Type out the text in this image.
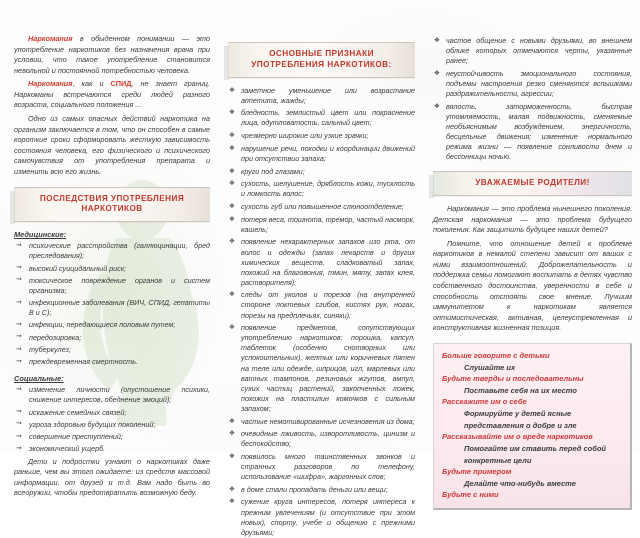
Наркомания в обыденном понимании — это употребление наркотиков без назначения врача при условии, что такое употребление становится невольной и постоянной потребностью человека.

Наркомания, как и СПИД, не знает границ. Наркоманы встречаются среди людей разного возраста, социального положения ...

Одно из самых опасных действий наркотика на организм заключается в том, что он способен в самые короткие сроки сформировать жесткую зависимость состояния человека, его физического и психического самочувствия от употребления препарата и изменить всю его жизнь.

ПОСЛЕДСТВИЯ УПОТРЕБЛЕНИЯ НАРКОТИКОВ
Медицинские:
➞ психические расстройства (галлюцинации, бред преследования);
➞ высокий суицидальный риск;
➞ токсическое повреждение органов и систем организма;
➞ инфекционные заболевания (ВИЧ, СПИД, гепатиты В и С);
➞ инфекции, передающиеся половым путем;
➞ передозировка;
➞ туберкулез;
➞ преждевременная смертность.
Социальные:
➞ изменение личности (опустошение психики, снижение интересов, обеднение эмоций);
➞ искажение семейных связей;
➞ угроза здоровью будущих поколений;
➞ совершение преступлений;
➞ экономический ущерб.

Дети и подростки узнают о наркотиках даже раньше, чем вы этого ожидаете: из средств массовой информации, от друзей и т.д. Вам надо быть во всеоружии, чтобы предотвратить возможную беду.

ОСНОВНЫЕ ПРИЗНАКИ УПОТРЕБЛЕНИЯ НАРКОТИКОВ:
❖ заметное уменьшение или возрастание аппетита, жажды;
❖ бледность, землистый цвет или покраснение лица, одутловатость, сальный цвет;
❖ чрезмерно широкие или узкие зрачки;
❖ нарушение речи, походки и координации движений при отсутствии запаха;
❖ круги под глазами;
❖ сухость, шелушение, дряблость кожи, тусклость и ломкость волос;
❖ сухость губ или повышенное слюноотделение;
❖ потеря веса, тошнота, тремор, частый насморк, кашель;
❖ появление нехарактерных запахов изо рта, от волос и одежды (запах лекарств и других химических веществ, сладковатый запах, похожий на благовония, тмин, мяту, запах клея, растворителя);
❖ следы от уколов и порезов (на внутренней стороне локтевых сгибов, кистях рук, ногах, порезы на предплечьях, синяки);
❖ появление предметов, сопутствующих употреблению наркотиков: порошка, капсул, таблеток (особенно снотворных или успокоительных), желтых или коричневых пятен на теле или одежде, шприцов, игл, марлевых или ватных тампонов, резиновых жгутов, ампул, сухих частиц растений, закопченных ложек, похожих на пластилин комочков с сильным запахом;
❖ частые немотивированные исчезновения из дома;
❖ очевидные лживость, изворотливость, цинизм и беспокойство;
❖ появилось много таинственных звонков и странных разговоров по телефону, использование «шифра», жаргонных слов;
❖ в доме стали пропадать деньги или вещи;
❖ сужение круга интересов, потеря интереса к прежним увлечениям (и отсутствие при этом новых), спорту, учебе и общению с прежними друзьями;
❖ частое общение с новыми друзьями, во внешнем облике которых отмечаются черты, указанные ранее;
❖ неустойчивость эмоционального состояния, подъемы настроения резко сменяются вспышками раздражительности, агрессии;
❖ вялость, заторможенность, быстрая утомляемость, малая подвижность, сменяемые необъяснимым возбуждением, энергичность, бесцельные движения; изменение нормального режима жизни — появление сонливости днем и бессонницы ночью.
УВАЖАЕМЫЕ РОДИТЕЛИ!

Наркомания — это проблема нынешнего поколения. Детская наркомания — это проблема будущего поколения. Как защитить будущее наших детей?

Помните, что отношение детей к проблеме наркотиков в немалой степени зависит от ваших с ними взаимоотношений. Доброжелательность и поддержка семьи помогают воспитать в детях чувство собственного достоинства, уверенности в себе и способность отстоять свое мнение. Лучшим иммунитетом к наркотикам является оптимистическая, активная, целеустремленная и конструктивная жизненная позиция.

Больше говорите с детьми
Слушайте их
Будьте тверды и последовательны
Поставьте себя на их место
Расскажите им о себе
Формируйте у детей ясные представления о добре и зле
Рассказывайте им о вреде наркотиков
Помогайте им ставить перед собой конкретные цели
Будьте примером
Делайте что-нибудь вместе
Будьте с ними
